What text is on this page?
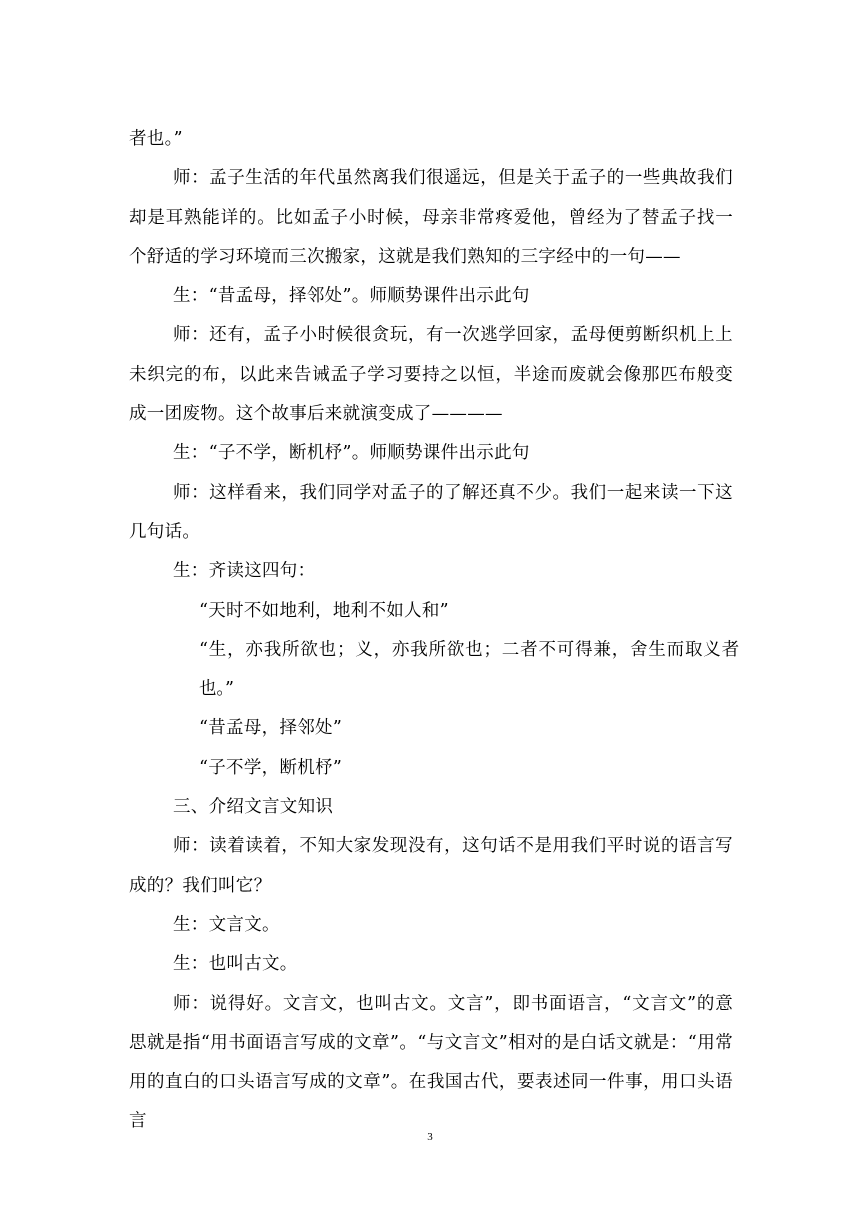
者也。”

师：孟子生活的年代虽然离我们很遥远，但是关于孟子的一些典故我们却是耳熟能详的。比如孟子小时候，母亲非常疼爱他，曾经为了替孟子找一个舒适的学习环境而三次搬家，这就是我们熟知的三字经中的一句——

生：“昔孟母，择邻处”。师顺势课件出示此句

师：还有，孟子小时候很贪玩，有一次逃学回家，孟母便剪断织机上上未织完的布，以此来告诫孟子学习要持之以恒，半途而废就会像那匹布般变成一团废物。这个故事后来就演变成了————

生：“子不学，断机杼”。师顺势课件出示此句

师：这样看来，我们同学对孟子的了解还真不少。我们一起来读一下这几句话。

生：齐读这四句：

“天时不如地利，地利不如人和”

“生，亦我所欲也；义，亦我所欲也；二者不可得兼，舍生而取义者也。”

“昔孟母，择邻处”

“子不学，断机杼”

三、介绍文言文知识

师：读着读着，不知大家发现没有，这句话不是用我们平时说的语言写成的？我们叫它？

生：文言文。

生：也叫古文。

师：说得好。文言文，也叫古文。文言”，即书面语言，“文言文”的意思就是指“用书面语言写成的文章”。“与文言文”相对的是白话文就是：“用常用的直白的口头语言写成的文章”。在我国古代，要表述同一件事，用口头语言

3
